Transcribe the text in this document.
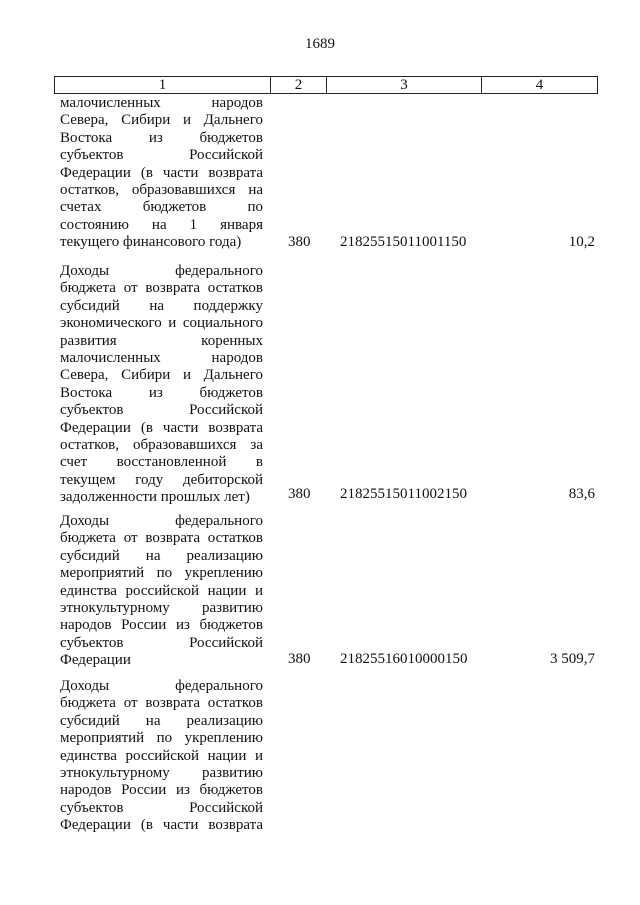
1689
1	2	3	4

малочисленных народов

Севера, Сибири и Дальнего

Востока из бюджетов

субъектов Российской

Федерации (в части возврата

остатков, образовавшихся на

счетах бюджетов по

состоянию на 1 января

текущего финансового года)	380 21825515011001150	10,2

Доходы федерального

бюджета от возврата остатков

субсидий на поддержку

экономического и социального

развития коренных

малочисленных народов

Севера, Сибири и Дальнего

Востока из бюджетов

субъектов Российской

Федерации (в части возврата

остатков, образовавшихся за

счет восстановленной в

текущем году дебиторской

задолженности прошлых лет)	380 21825515011002150	83,6

Доходы федерального

бюджета от возврата остатков

субсидий на реализацию

мероприятий по укреплению

единства российской нации и

этнокультурному развитию

народов России из бюджетов

субъектов Российской

Федерации	380 21825516010000150	3 509,7

Доходы федерального

бюджета от возврата остатков

субсидий на реализацию

мероприятий по укреплению

единства российской нации и

этнокультурному развитию

народов России из бюджетов

субъектов Российской

Федерации (в части возврата
